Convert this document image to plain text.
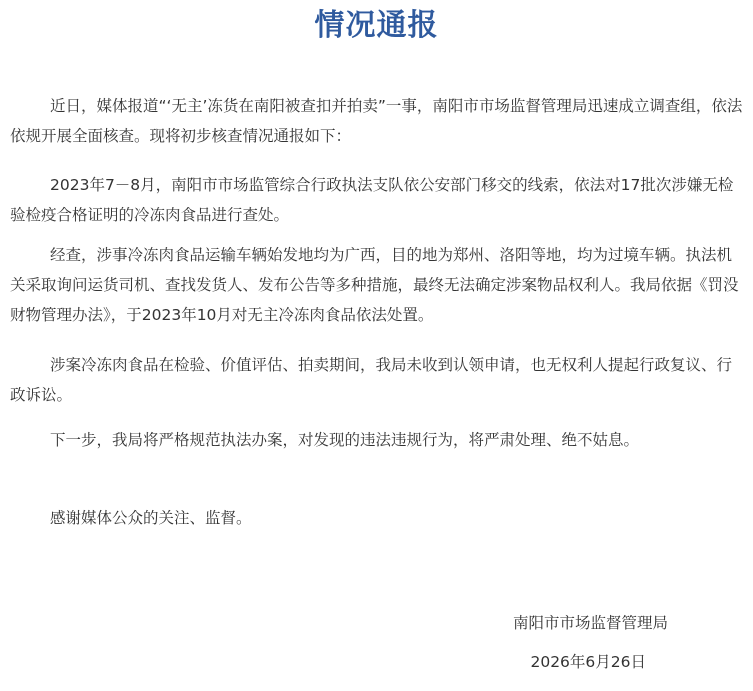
情况通报

近日，媒体报道“‘无主’冻货在南阳被查扣并拍卖”一事，南阳市市场监督管理局迅速成立调查组，依法依规开展全面核查。现将初步核查情况通报如下：

2023年7－8月，南阳市市场监管综合行政执法支队依公安部门移交的线索，依法对17批次涉嫌无检验检疫合格证明的冷冻肉食品进行查处。

经查，涉事冷冻肉食品运输车辆始发地均为广西，目的地为郑州、洛阳等地，均为过境车辆。执法机关采取询问运货司机、查找发货人、发布公告等多种措施，最终无法确定涉案物品权利人。我局依据《罚没财物管理办法》，于2023年10月对无主冷冻肉食品依法处置。

涉案冷冻肉食品在检验、价值评估、拍卖期间，我局未收到认领申请，也无权利人提起行政复议、行政诉讼。

下一步，我局将严格规范执法办案，对发现的违法违规行为，将严肃处理、绝不姑息。

感谢媒体公众的关注、监督。

南阳市市场监督管理局
2026年6月26日
